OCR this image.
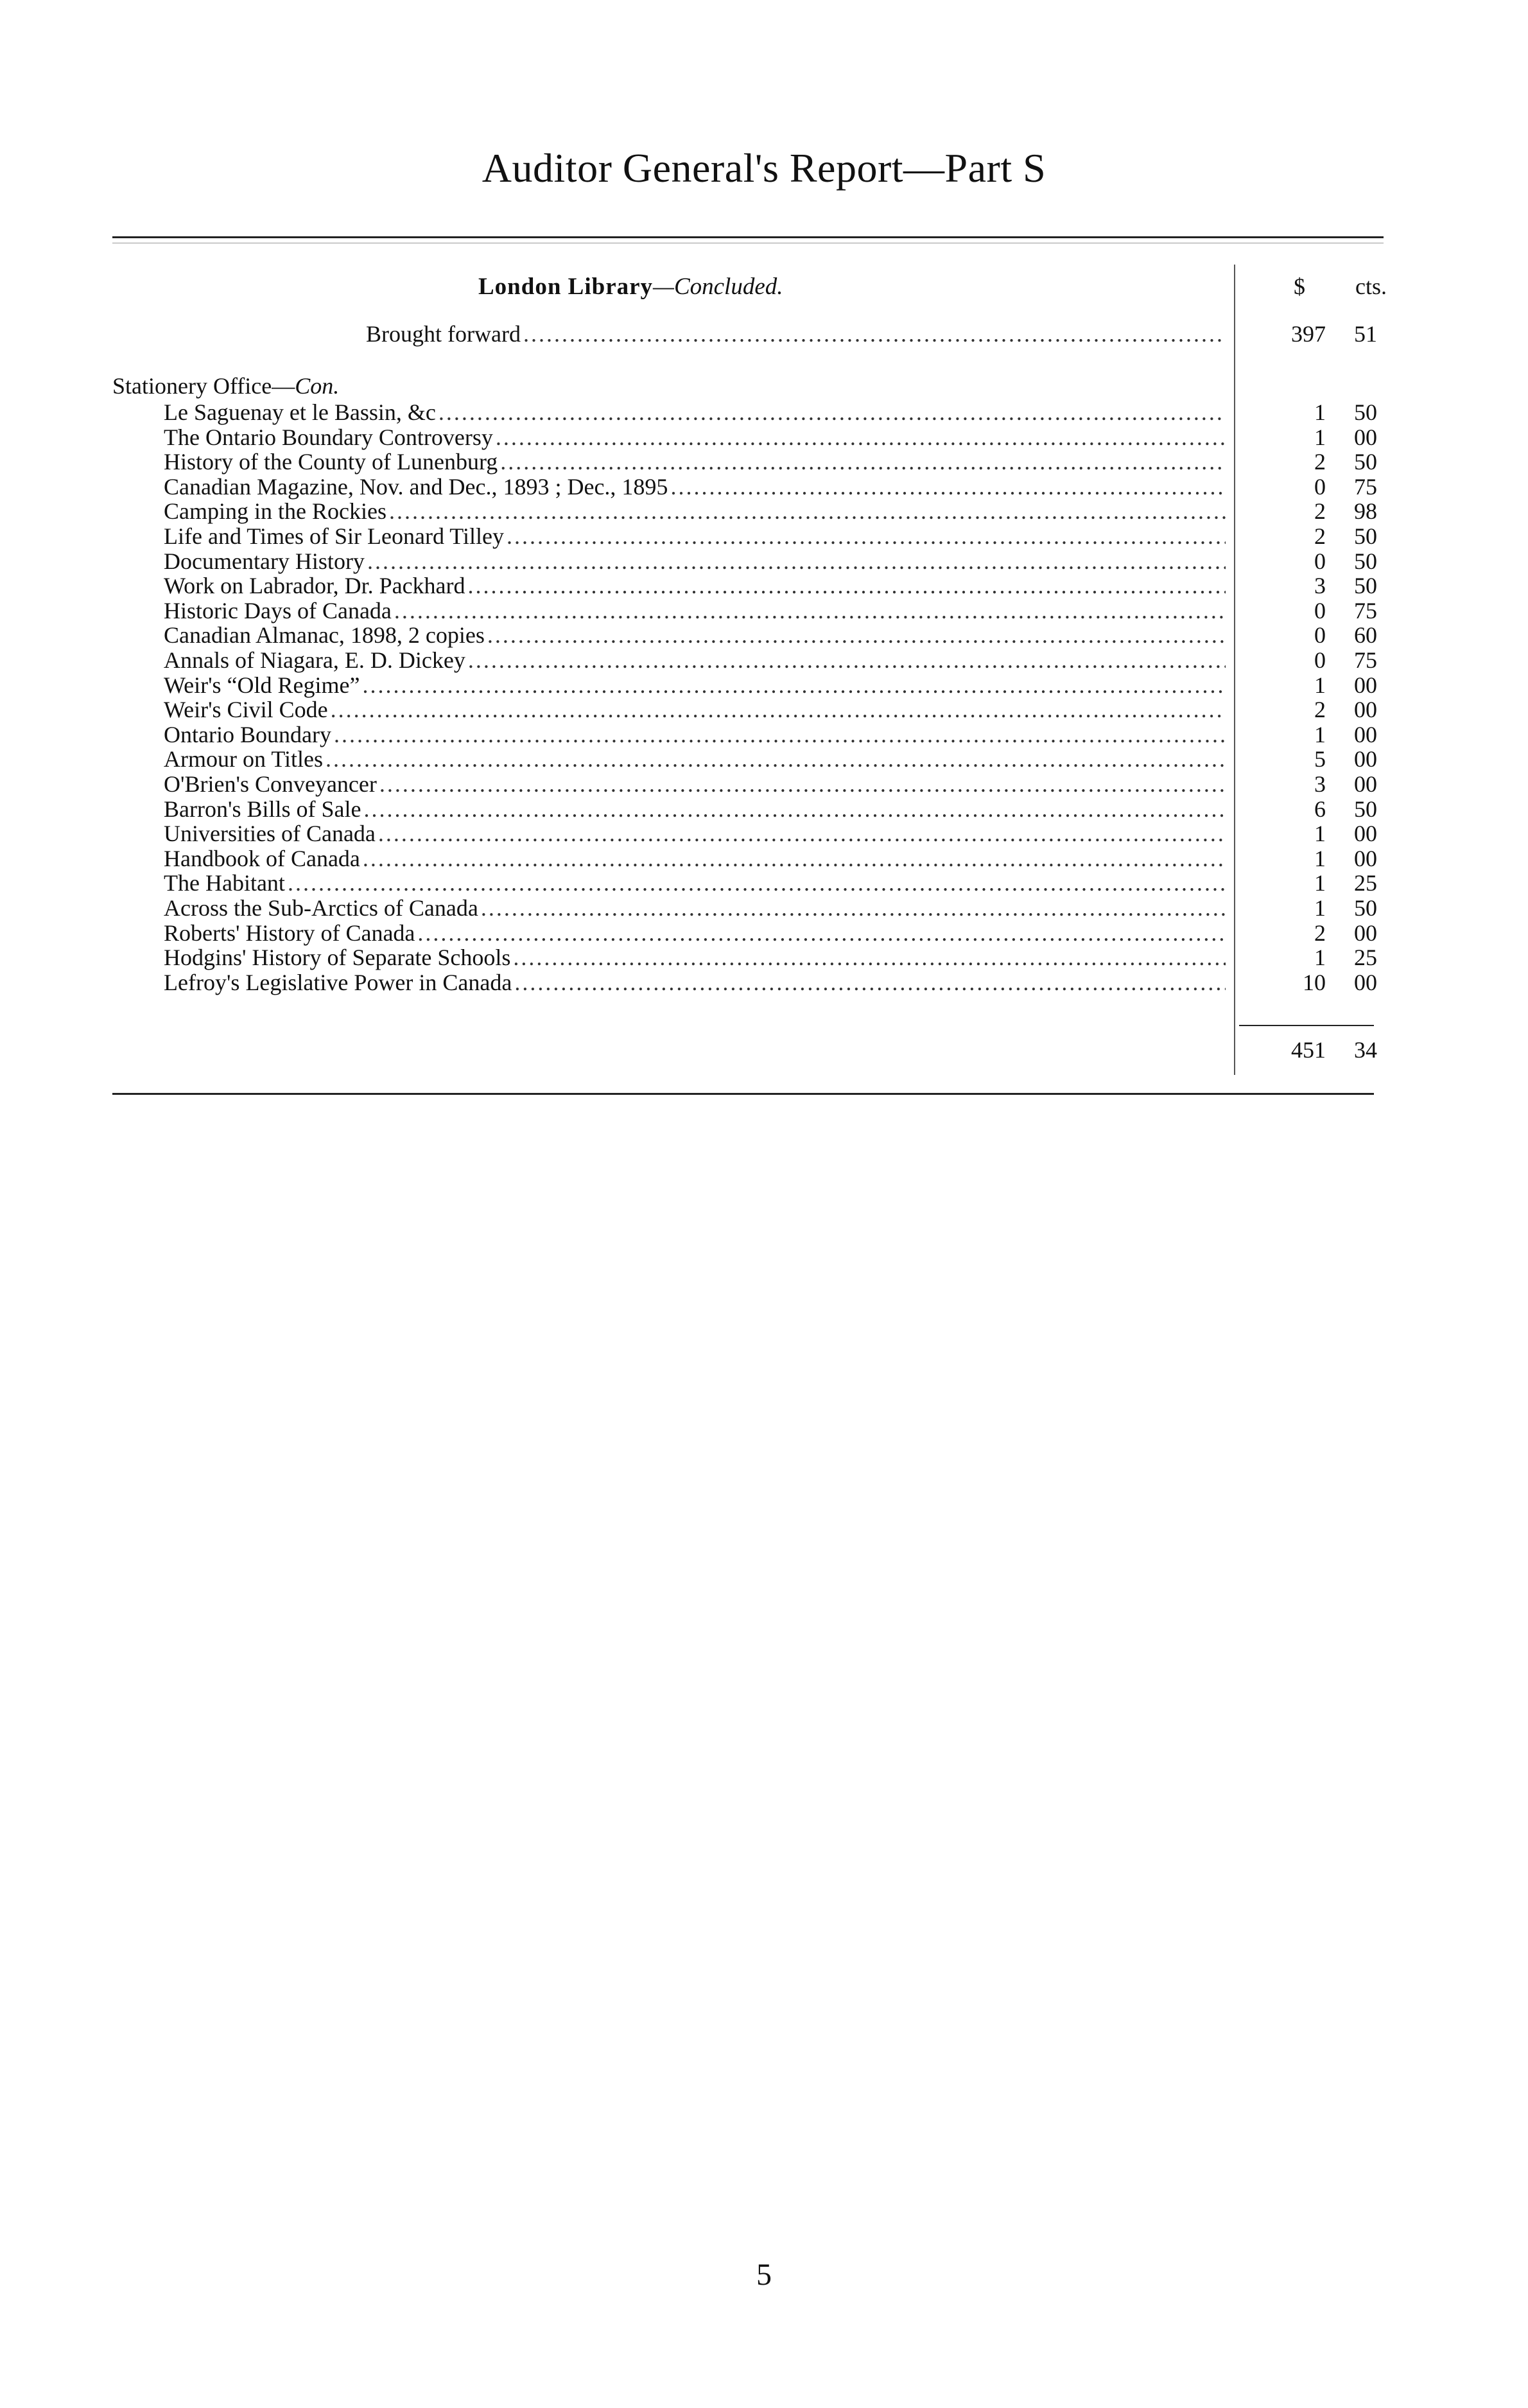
Auditor General's Report—Part S
London Library—Concluded.	$ cts.
Brought forward .....	397	51
Stationery Office—Con.
Le Saguenay et le Bassin, &c .....	1	50
The Ontario Boundary Controversy .....	1	00
History of the County of Lunenburg .....	2	50
Canadian Magazine, Nov. and Dec., 1893 ; Dec., 1895 .....	0	75
Camping in the Rockies .....	2	98
Life and Times of Sir Leonard Tilley .....	2	50
Documentary History .....	0	50
Work on Labrador, Dr. Packhard .....	3	50
Historic Days of Canada .....	0	75
Canadian Almanac, 1898, 2 copies .....	0	60
Annals of Niagara, E. D. Dickey .....	0	75
Weir's “Old Regime” .....	1	00
Weir's Civil Code .....	2	00
Ontario Boundary .....	1	00
Armour on Titles .....	5	00
O'Brien's Conveyancer .....	3	00
Barron's Bills of Sale .....	6	50
Universities of Canada .....	1	00
Handbook of Canada .....	1	00
The Habitant .....	1	25
Across the Sub-Arctics of Canada .....	1	50
Roberts' History of Canada .....	2	00
Hodgins' History of Separate Schools .....	1	25
Lefroy's Legislative Power in Canada .....	10	00
451	34
5
